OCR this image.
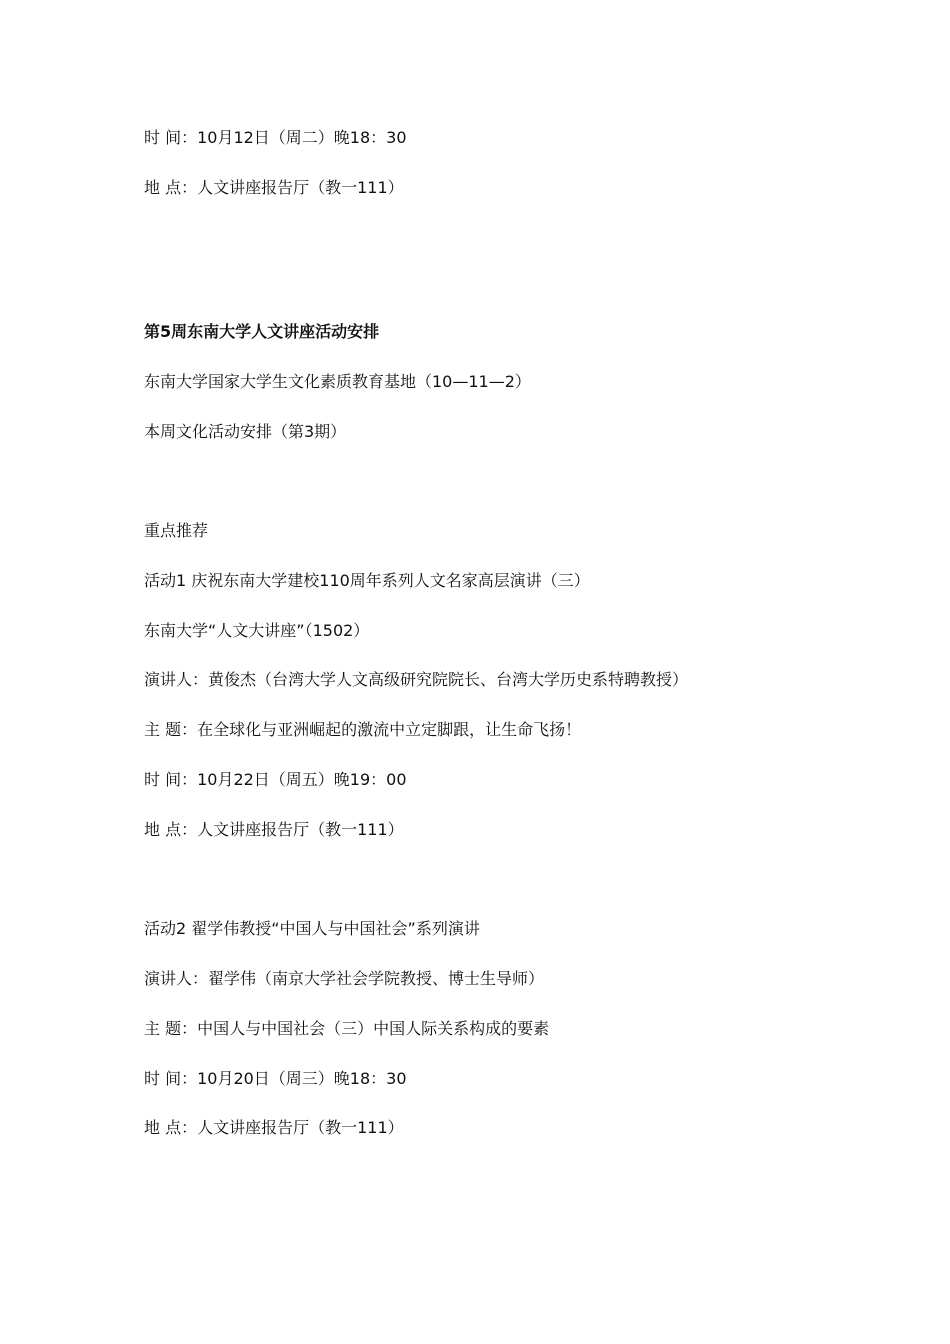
时 间：10月12日（周二）晚18：30
地 点：人文讲座报告厅（教一111）
第5周东南大学人文讲座活动安排
东南大学国家大学生文化素质教育基地（10—11—2）
本周文化活动安排（第3期）
重点推荐
活动1 庆祝东南大学建校110周年系列人文名家高层演讲（三）
东南大学“人文大讲座”（1502）
演讲人：黄俊杰（台湾大学人文高级研究院院长、台湾大学历史系特聘教授）
主 题：在全球化与亚洲崛起的激流中立定脚跟，让生命飞扬！
时 间：10月22日（周五）晚19：00
地 点：人文讲座报告厅（教一111）
活动2 翟学伟教授“中国人与中国社会”系列演讲
演讲人：翟学伟（南京大学社会学院教授、博士生导师）
主 题：中国人与中国社会（三）中国人际关系构成的要素
时 间：10月20日（周三）晚18：30
地 点：人文讲座报告厅（教一111）
